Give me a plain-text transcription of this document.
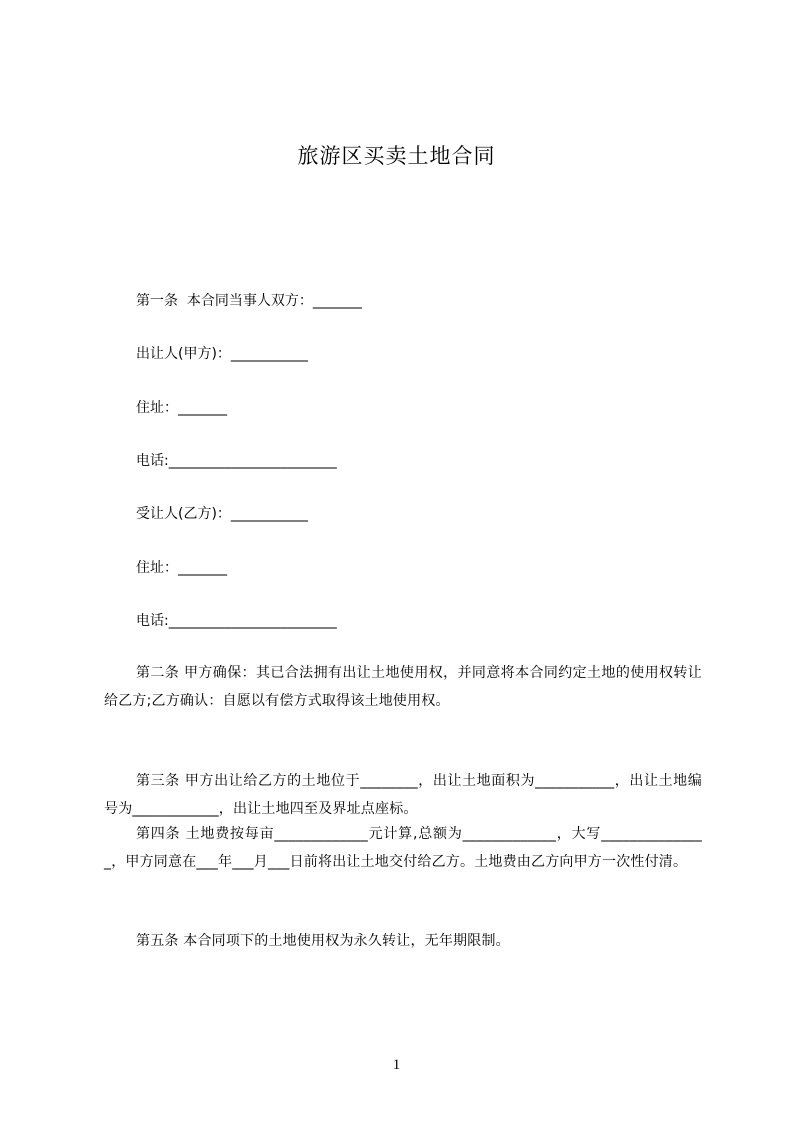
旅游区买卖土地合同

第一条  本合同当事人双方：_______

出让人(甲方)：___________

住址：_______

电话:________________________

受让人(乙方)：___________

住址：_______

电话:________________________

第二条 甲方确保：其已合法拥有出让土地使用权，并同意将本合同约定土地的使用权转让给乙方;乙方确认：自愿以有偿方式取得该土地使用权。

第三条 甲方出让给乙方的土地位于________，出让土地面积为___________，出让土地编号为____________，出让土地四至及界址点座标。

第四条 土地费按每亩_____________元计算,总额为_____________，大写_______________，甲方同意在___年___月___日前将出让土地交付给乙方。土地费由乙方向甲方一次性付清。

第五条 本合同项下的土地使用权为永久转让，无年期限制。

1
